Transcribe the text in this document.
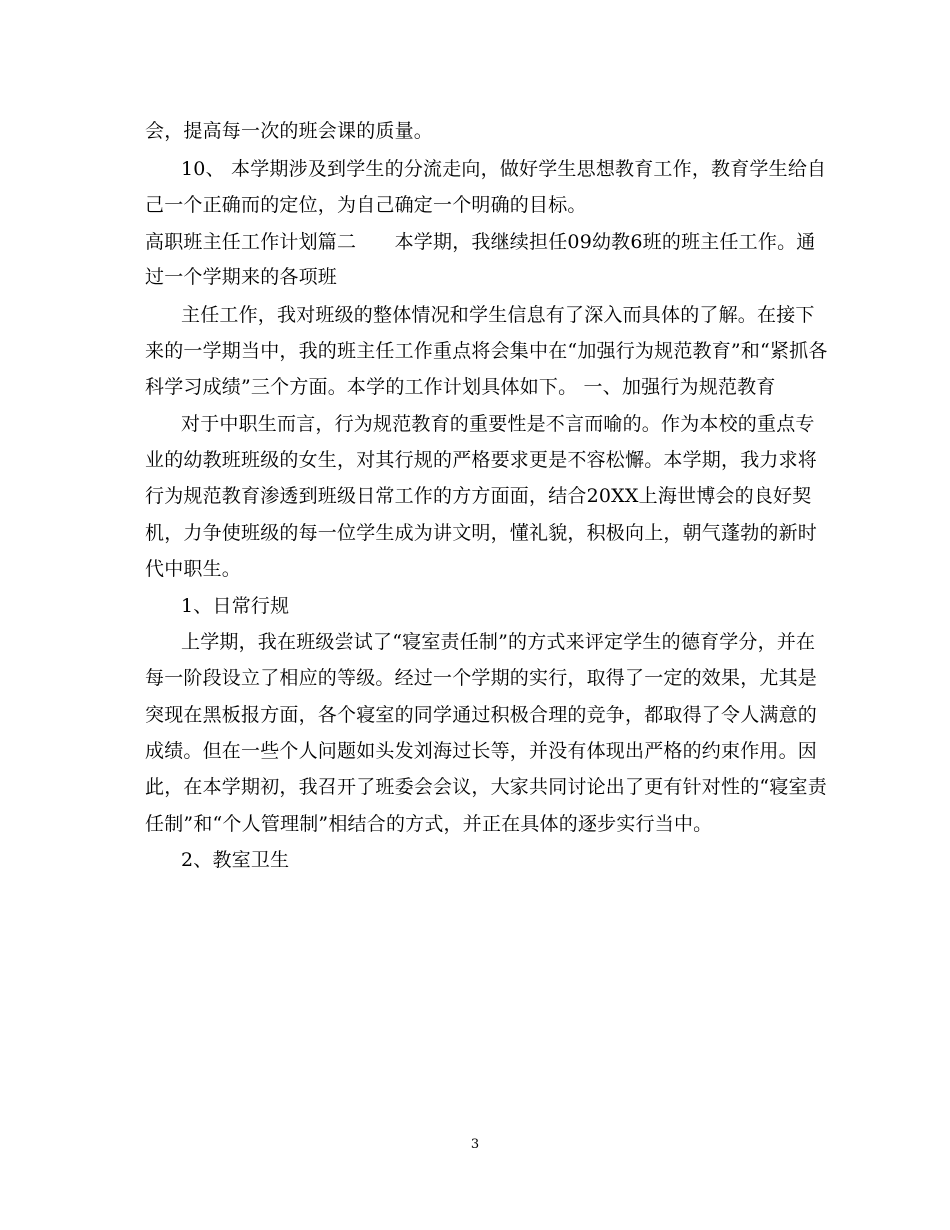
会，提高每一次的班会课的质量。
10、 本学期涉及到学生的分流走向，做好学生思想教育工作，教育学生给自
己一个正确而的定位，为自己确定一个明确的目标。
高职班主任工作计划篇二　　本学期，我继续担任09幼教6班的班主任工作。通
过一个学期来的各项班
主任工作，我对班级的整体情况和学生信息有了深入而具体的了解。在接下
来的一学期当中，我的班主任工作重点将会集中在“加强行为规范教育”和“紧抓各
科学习成绩”三个方面。本学的工作计划具体如下。 一、加强行为规范教育
对于中职生而言，行为规范教育的重要性是不言而喻的。作为本校的重点专
业的幼教班班级的女生，对其行规的严格要求更是不容松懈。本学期，我力求将
行为规范教育渗透到班级日常工作的方方面面，结合20XX上海世博会的良好契
机，力争使班级的每一位学生成为讲文明，懂礼貌，积极向上，朝气蓬勃的新时
代中职生。
1、日常行规
上学期，我在班级尝试了“寝室责任制”的方式来评定学生的德育学分，并在
每一阶段设立了相应的等级。经过一个学期的实行，取得了一定的效果，尤其是
突现在黑板报方面，各个寝室的同学通过积极合理的竞争，都取得了令人满意的
成绩。但在一些个人问题如头发刘海过长等，并没有体现出严格的约束作用。因
此，在本学期初，我召开了班委会会议，大家共同讨论出了更有针对性的“寝室责
任制”和“个人管理制”相结合的方式，并正在具体的逐步实行当中。
2、教室卫生
3
